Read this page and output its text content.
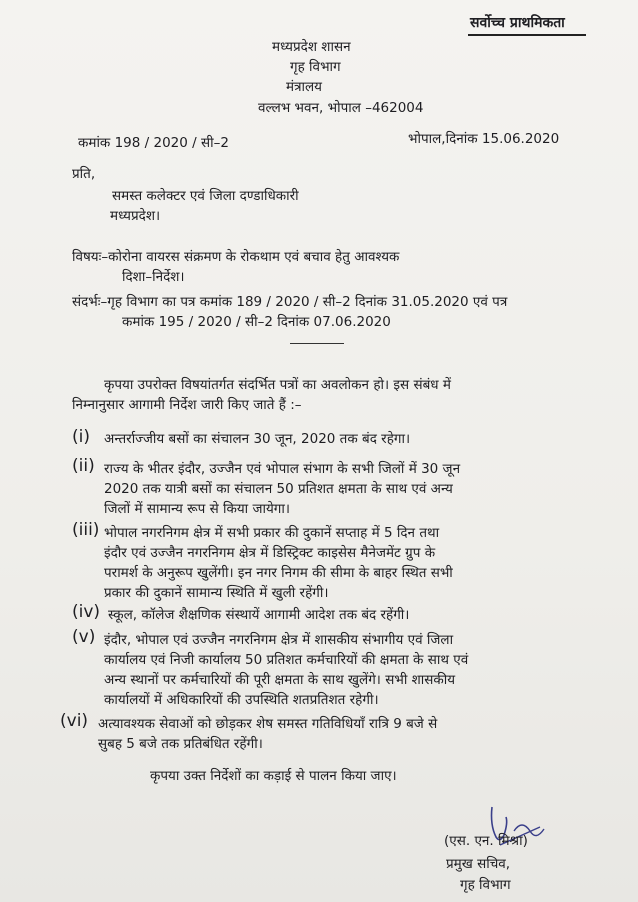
सर्वोच्च प्राथमिकता
मध्यप्रदेश शासन
गृह विभाग
मंत्रालय
वल्लभ भवन, भोपाल –462004
कमांक 198 / 2020 / सी–2	भोपाल,दिनांक 15.06.2020
प्रति,
समस्त कलेक्टर एवं जिला दण्डाधिकारी
मध्यप्रदेश।
विषयः–कोरोना वायरस संक्रमण के रोकथाम एवं बचाव हेतु आवश्यक
दिशा–निर्देश।
संदर्भः–गृह विभाग का पत्र कमांक 189 / 2020 / सी–2 दिनांक 31.05.2020 एवं पत्र
कमांक 195 / 2020 / सी–2 दिनांक 07.06.2020
कृपया उपरोक्त विषयांतर्गत संदर्भित पत्रों का अवलोकन हो। इस संबंध में
निम्नानुसार आगामी निर्देश जारी किए जाते हैं :–
(i) अन्तर्राज्जीय बसों का संचालन 30 जून, 2020 तक बंद रहेगा।
(ii) राज्य के भीतर इंदौर, उज्जैन एवं भोपाल संभाग के सभी जिलों में 30 जून
2020 तक यात्री बसों का संचालन 50 प्रतिशत क्षमता के साथ एवं अन्य
जिलों में सामान्य रूप से किया जायेगा।
(iii) भोपाल नगरनिगम क्षेत्र में सभी प्रकार की दुकानें सप्ताह में 5 दिन तथा
इंदौर एवं उज्जैन नगरनिगम क्षेत्र में डिस्ट्रिक्ट काइसेस मैनेजमेंट ग्रुप के
परामर्श के अनुरूप खुलेंगी। इन नगर निगम की सीमा के बाहर स्थित सभी
प्रकार की दुकानें सामान्य स्थिति में खुली रहेंगी।
(iv) स्कूल, कॉलेज शैक्षणिक संस्थायें आगामी आदेश तक बंद रहेंगी।
(v) इंदौर, भोपाल एवं उज्जैन नगरनिगम क्षेत्र में शासकीय संभागीय एवं जिला
कार्यालय एवं निजी कार्यालय 50 प्रतिशत कर्मचारियों की क्षमता के साथ एवं
अन्य स्थानों पर कर्मचारियों की पूरी क्षमता के साथ खुलेंगे। सभी शासकीय
कार्यालयों में अधिकारियों की उपस्थिति शतप्रतिशत रहेगी।
(vi) अत्यावश्यक सेवाओं को छोड़कर शेष समस्त गतिविधियॉं रात्रि 9 बजे से
सुबह 5 बजे तक प्रतिबंधित रहेंगी।
कृपया उक्त निर्देशों का कड़ाई से पालन किया जाए।
(एस. एन. मिश्रा)
प्रमुख सचिव,
गृह विभाग
